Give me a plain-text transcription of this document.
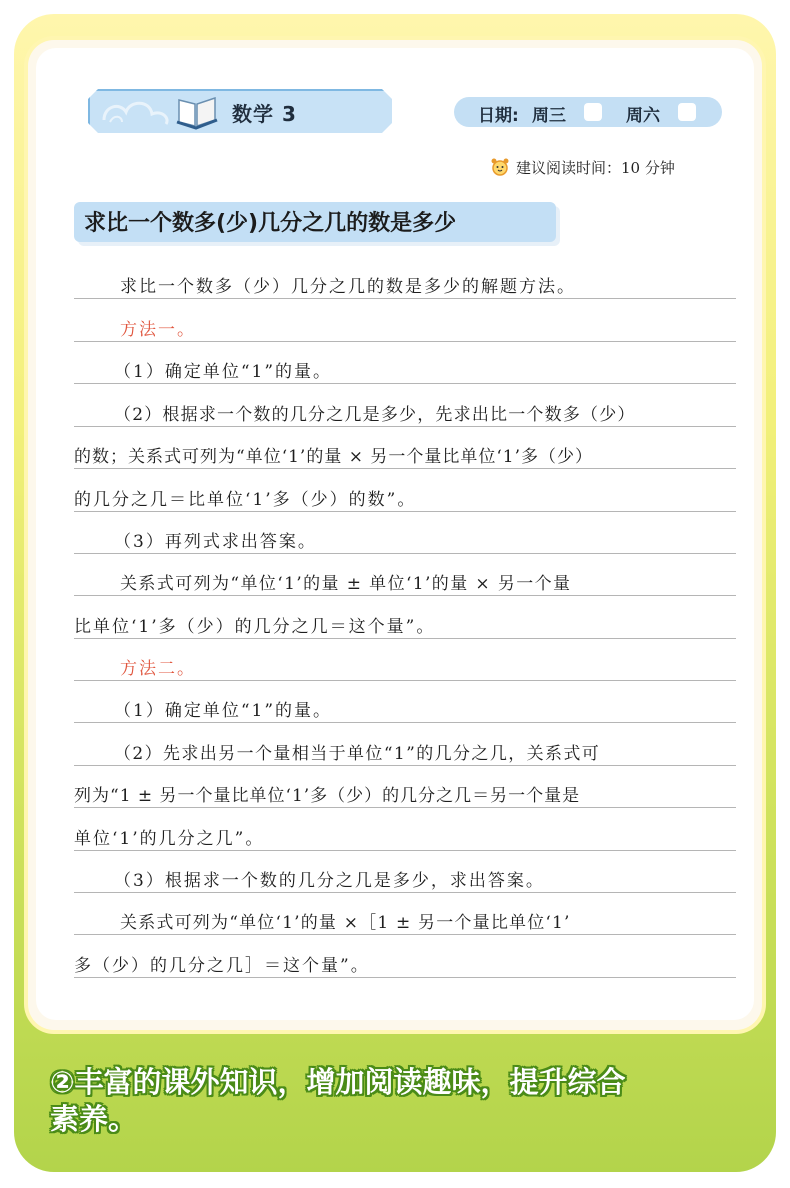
数学 3	日期: 周三	周六
建议阅读时间：10 分钟
求比一个数多(少)几分之几的数是多少
求比一个数多（少）几分之几的数是多少的解题方法。
方法一。
（1）确定单位“1”的量。
（2）根据求一个数的几分之几是多少，先求出比一个数多（少）
的数；关系式可列为“单位‘1’的量 × 另一个量比单位‘1’多（少）
的几分之几＝比单位‘1’多（少）的数”。
（3）再列式求出答案。
关系式可列为“单位‘1’的量 ± 单位‘1’的量 × 另一个量
比单位‘1’多（少）的几分之几＝这个量”。
方法二。
（1）确定单位“1”的量。
（2）先求出另一个量相当于单位“1”的几分之几，关系式可
列为“1 ± 另一个量比单位‘1’多（少）的几分之几＝另一个量是
单位‘1’的几分之几”。
（3）根据求一个数的几分之几是多少，求出答案。
关系式可列为“单位‘1’的量 ×［1 ± 另一个量比单位‘1’
多（少）的几分之几］＝这个量”。
②丰富的课外知识，增加阅读趣味，提升综合
素养。
